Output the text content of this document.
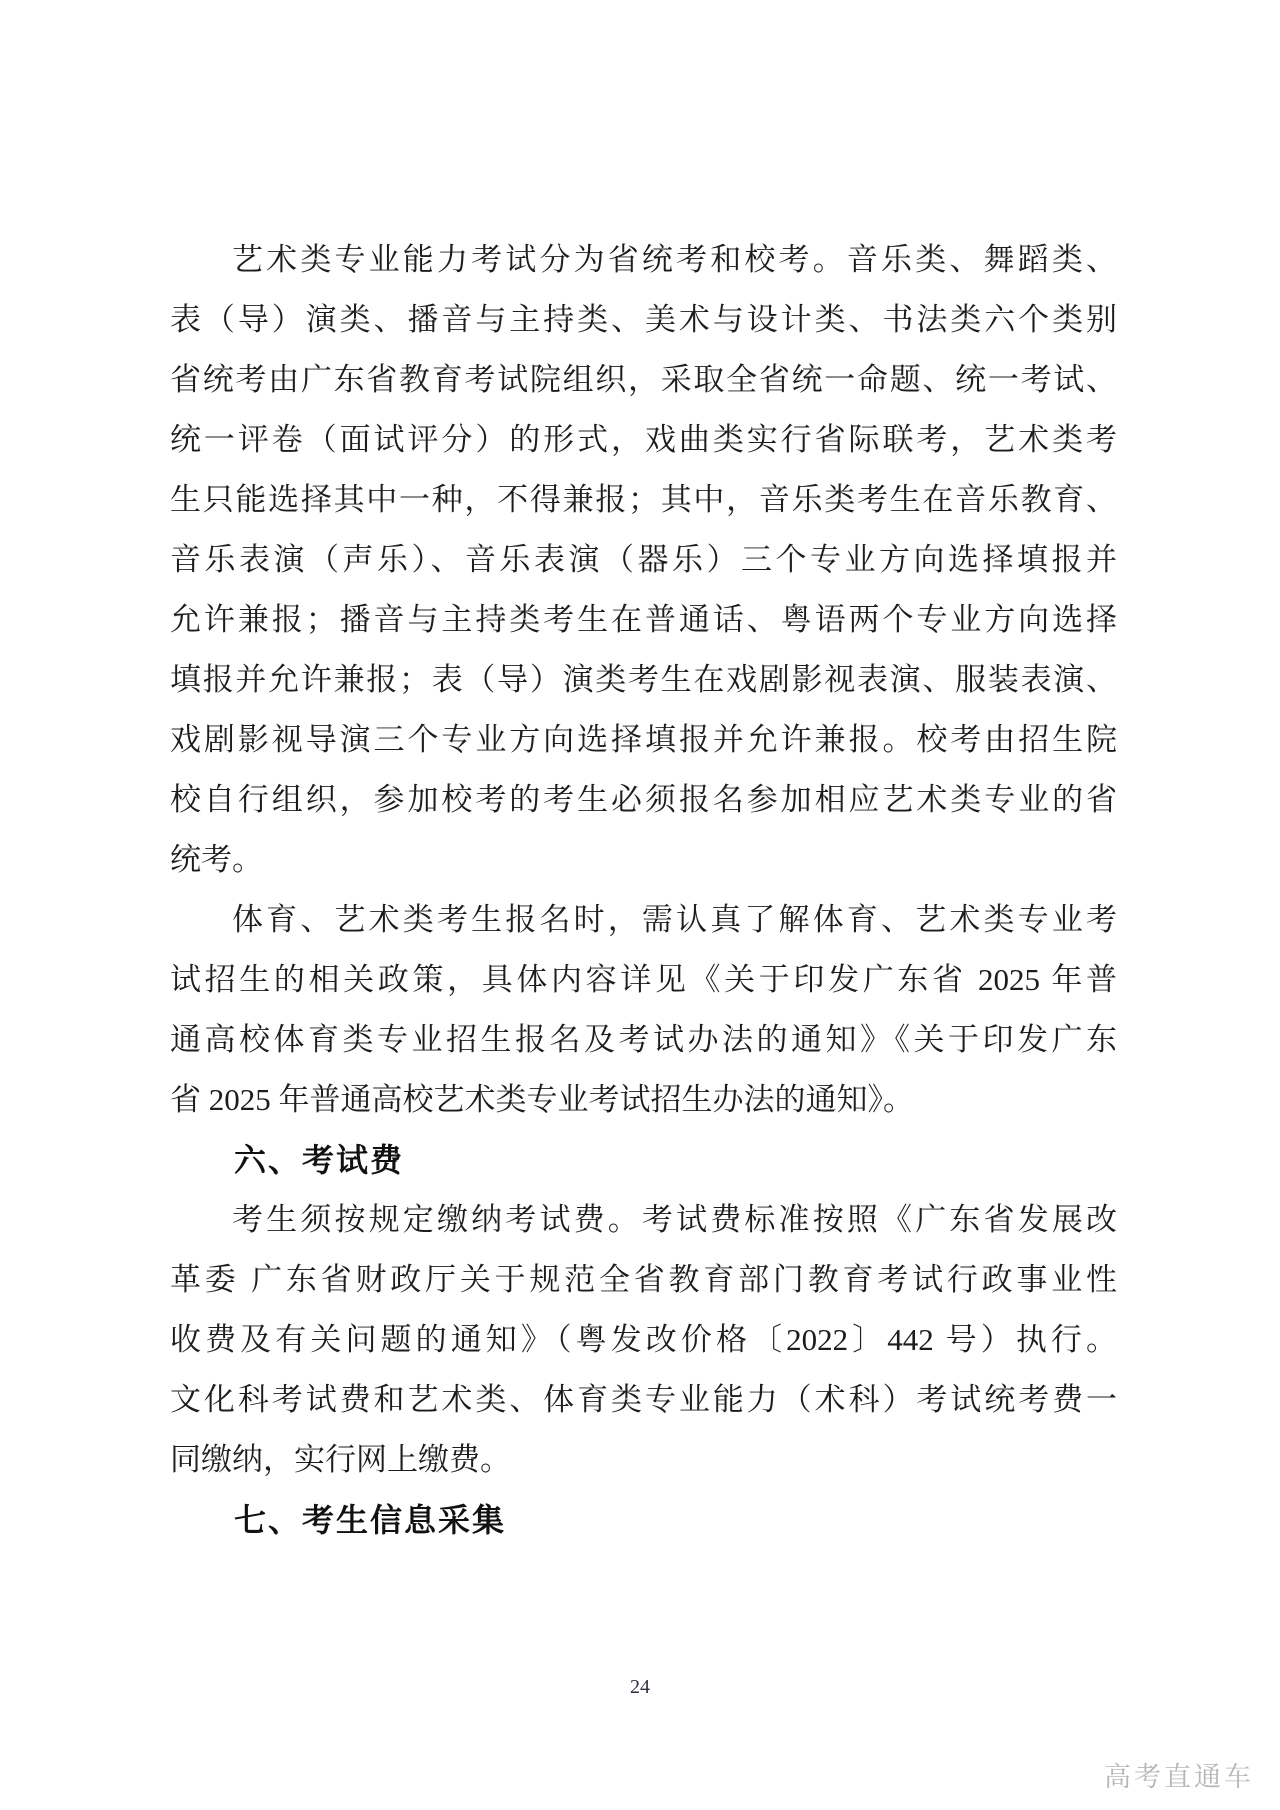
艺术类专业能力考试分为省统考和校考。音乐类、舞蹈类、
表（导）演类、播音与主持类、美术与设计类、书法类六个类别
省统考由广东省教育考试院组织，采取全省统一命题、统一考试、
统一评卷（面试评分）的形式，戏曲类实行省际联考，艺术类考
生只能选择其中一种，不得兼报；其中，音乐类考生在音乐教育、
音乐表演（声乐）、音乐表演（器乐）三个专业方向选择填报并
允许兼报；播音与主持类考生在普通话、粤语两个专业方向选择
填报并允许兼报；表（导）演类考生在戏剧影视表演、服装表演、
戏剧影视导演三个专业方向选择填报并允许兼报。校考由招生院
校自行组织，参加校考的考生必须报名参加相应艺术类专业的省
统考。
体育、艺术类考生报名时，需认真了解体育、艺术类专业考
试招生的相关政策，具体内容详见《关于印发广东省 2025 年普
通高校体育类专业招生报名及考试办法的通知》《关于印发广东
省 2025 年普通高校艺术类专业考试招生办法的通知》。
六、考试费
考生须按规定缴纳考试费。考试费标准按照《广东省发展改
革委 广东省财政厅关于规范全省教育部门教育考试行政事业性
收费及有关问题的通知》（粤发改价格〔2022〕442 号）执行。
文化科考试费和艺术类、体育类专业能力（术科）考试统考费一
同缴纳，实行网上缴费。
七、考生信息采集
24
高考直通车
